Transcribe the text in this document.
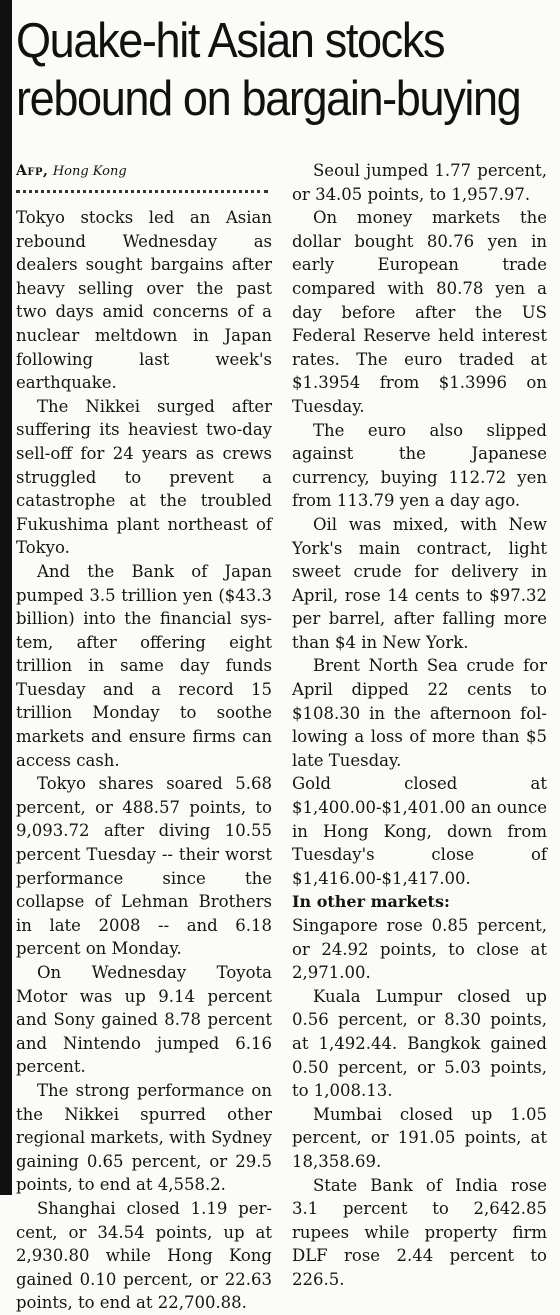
Quake-hit Asian stocks
rebound on bargain-buying
Afp, Hong Kong

Tokyo stocks led an Asian rebound Wednesday as dealers sought bargains after heavy selling over the past two days amid concerns of a nuclear meltdown in Japan following last week's earthquake.

The Nikkei surged after suffering its heaviest two-day sell-off for 24 years as crews struggled to prevent a catastrophe at the troubled Fukushima plant northeast of Tokyo.

And the Bank of Japan pumped 3.5 trillion yen ($43.3 billion) into the financial system, after offering eight trillion in same day funds Tuesday and a record 15 trillion Monday to soothe markets and ensure firms can access cash.

Tokyo shares soared 5.68 percent, or 488.57 points, to 9,093.72 after diving 10.55 percent Tuesday -- their worst performance since the collapse of Lehman Brothers in late 2008 -- and 6.18 percent on Monday.

On Wednesday Toyota Motor was up 9.14 percent and Sony gained 8.78 percent and Nintendo jumped 6.16 percent.

The strong performance on the Nikkei spurred other regional markets, with Sydney gaining 0.65 percent, or 29.5 points, to end at 4,558.2.

Shanghai closed 1.19 percent, or 34.54 points, up at 2,930.80 while Hong Kong gained 0.10 percent, or 22.63 points, to end at 22,700.88.

Seoul jumped 1.77 percent, or 34.05 points, to 1,957.97.

On money markets the dollar bought 80.76 yen in early European trade compared with 80.78 yen a day before after the US Federal Reserve held interest rates. The euro traded at $1.3954 from $1.3996 on Tuesday.

The euro also slipped against the Japanese currency, buying 112.72 yen from 113.79 yen a day ago.

Oil was mixed, with New York's main contract, light sweet crude for delivery in April, rose 14 cents to $97.32 per barrel, after falling more than $4 in New York.

Brent North Sea crude for April dipped 22 cents to $108.30 in the afternoon following a loss of more than $5 late Tuesday.

Gold closed at $1,400.00-$1,401.00 an ounce in Hong Kong, down from Tuesday's close of $1,416.00-$1,417.00.

In other markets:

Singapore rose 0.85 percent, or 24.92 points, to close at 2,971.00.

Kuala Lumpur closed up 0.56 percent, or 8.30 points, at 1,492.44. Bangkok gained 0.50 percent, or 5.03 points, to 1,008.13.

Mumbai closed up 1.05 percent, or 191.05 points, at 18,358.69.

State Bank of India rose 3.1 percent to 2,642.85 rupees while property firm DLF rose 2.44 percent to 226.5.
